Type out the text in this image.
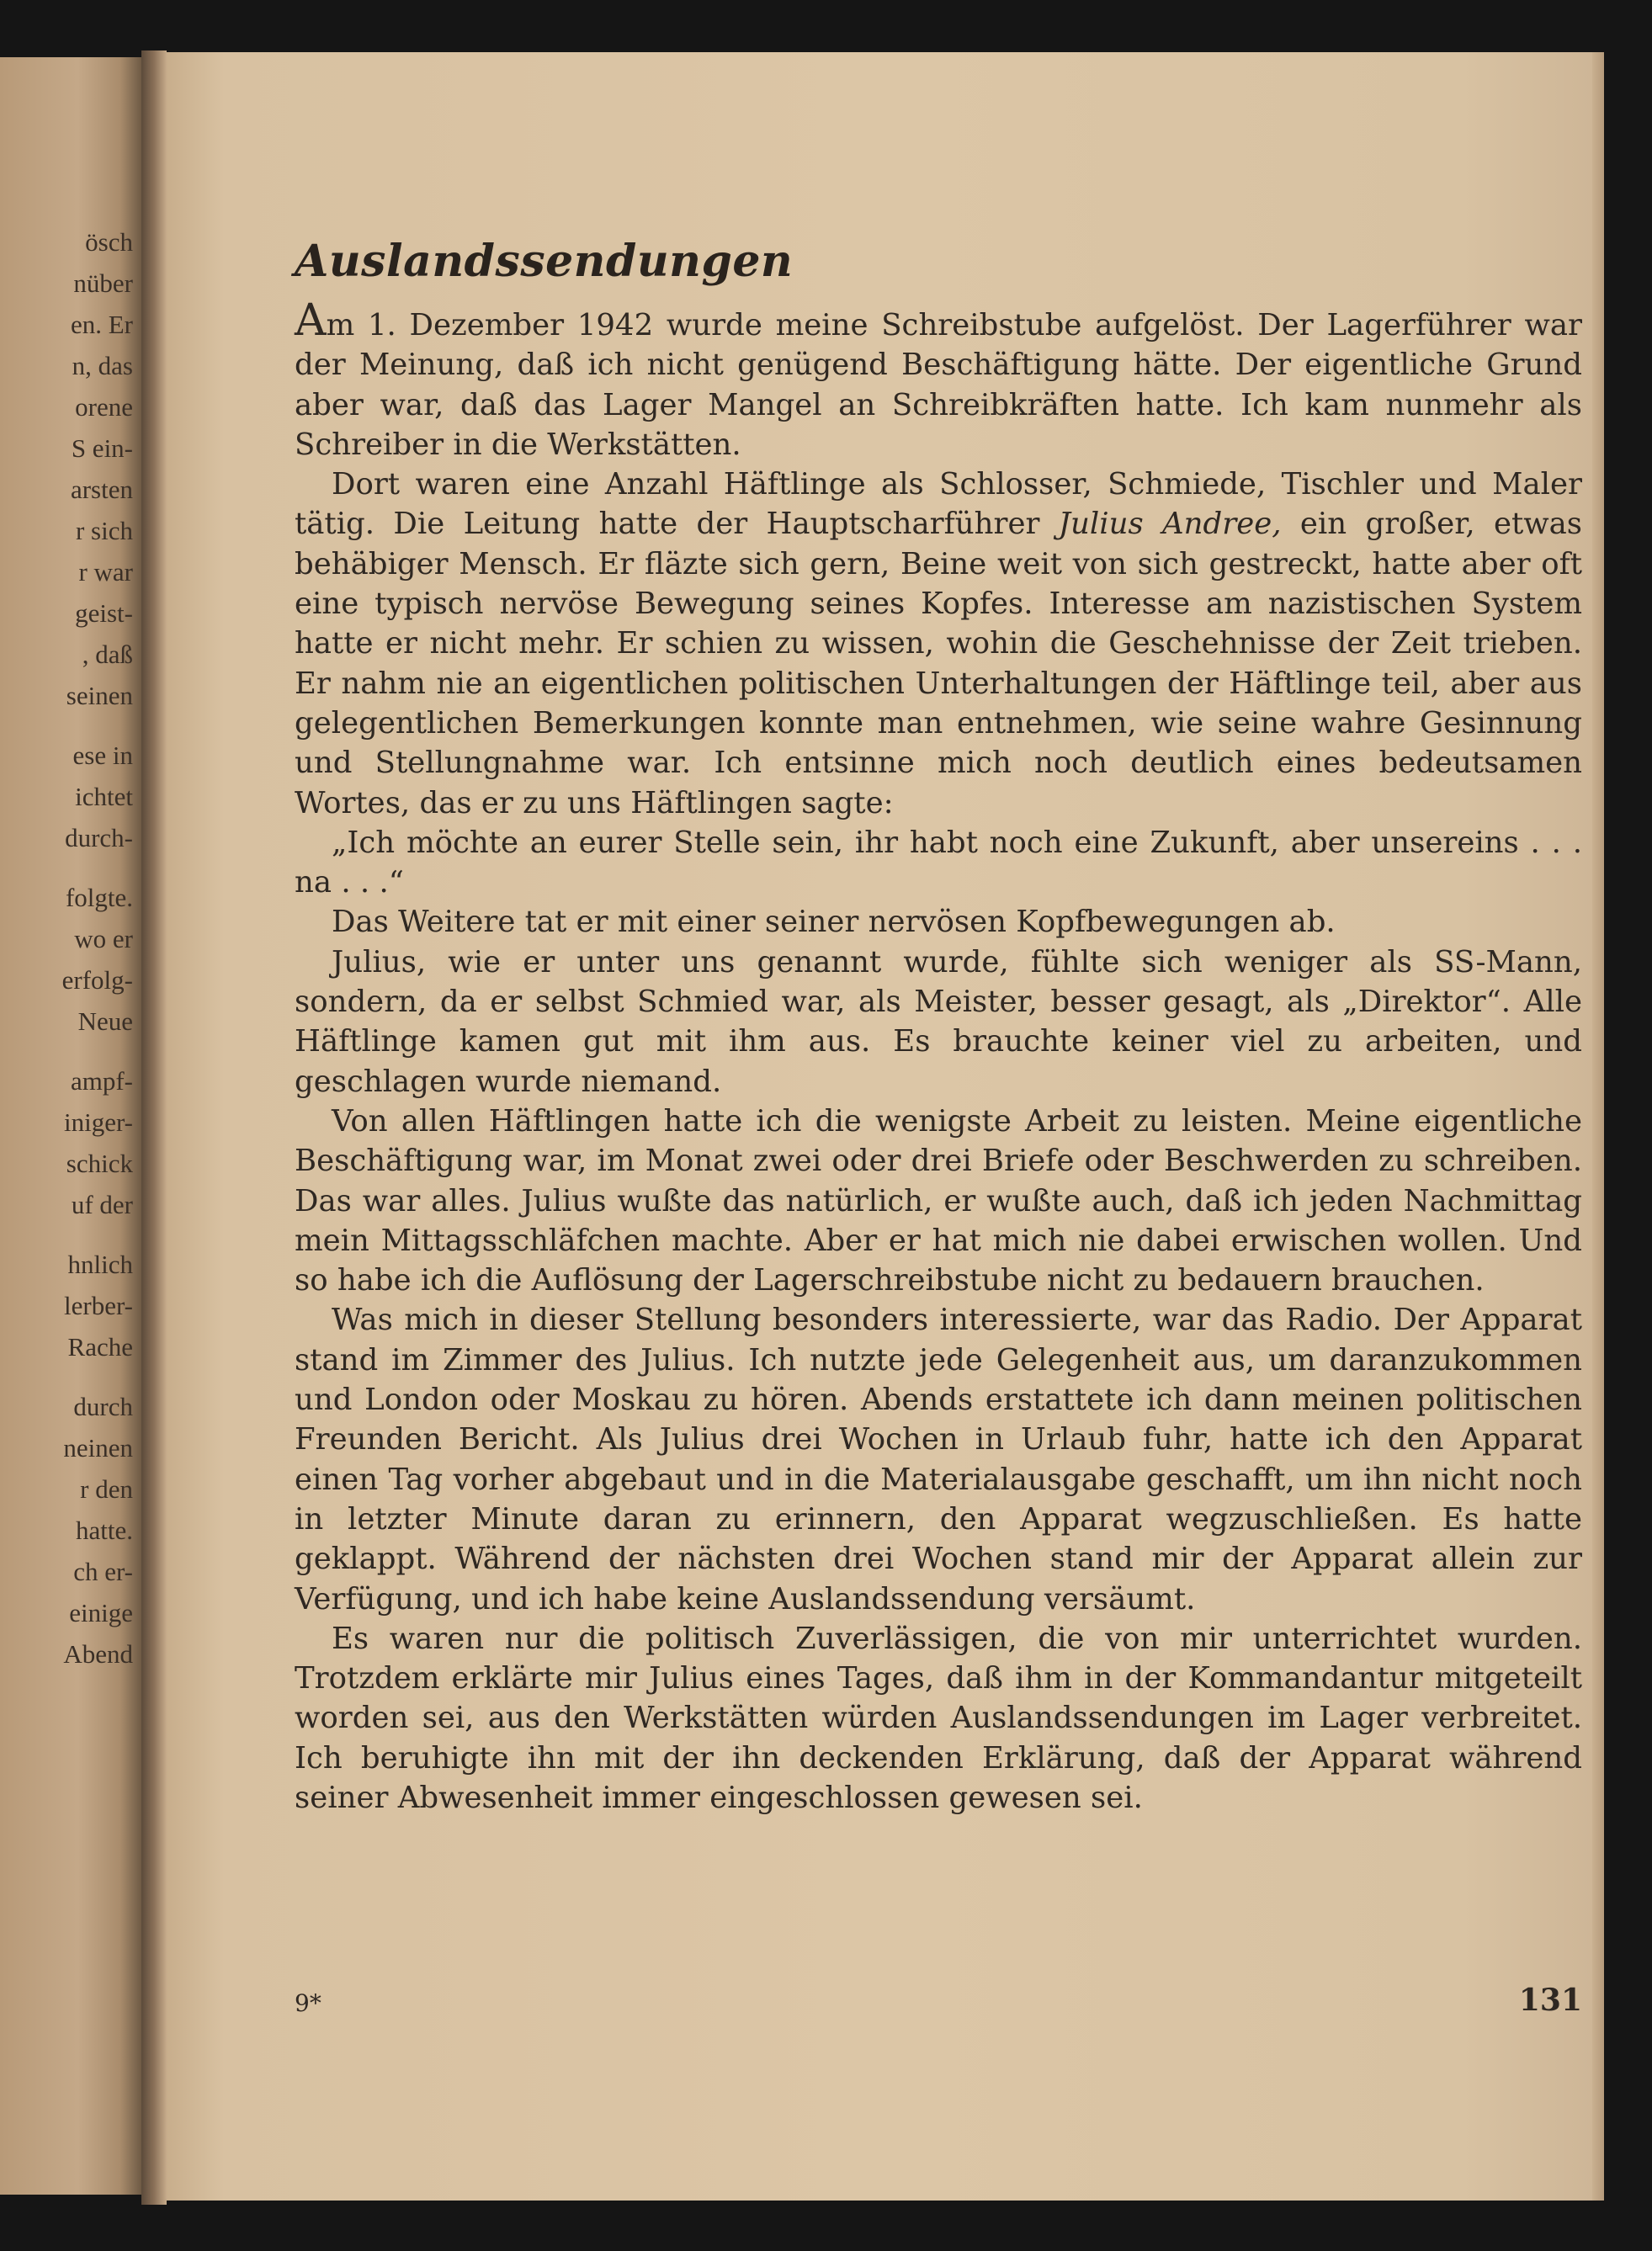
ösch
nüber
en. Er
n, das
orene
S ein-
arsten
r sich
r war
geist-
, daß
seinen
ese in
ichtet
durch-
folgte.
wo er
erfolg-
Neue
ampf-
iniger-
schick
uf der
hnlich
lerber-
Rache
durch
neinen
r den
hatte.
ch er-
einige
Abend
Auslandssendungen

Am 1. Dezember 1942 wurde meine Schreibstube aufgelöst. Der Lagerführer war der Meinung, daß ich nicht genügend Beschäftigung hätte. Der eigentliche Grund aber war, daß das Lager Mangel an Schreibkräften hatte. Ich kam nunmehr als Schreiber in die Werkstätten.

Dort waren eine Anzahl Häftlinge als Schlosser, Schmiede, Tischler und Maler tätig. Die Leitung hatte der Hauptscharführer Julius Andree, ein großer, etwas behäbiger Mensch. Er fläzte sich gern, Beine weit von sich gestreckt, hatte aber oft eine typisch nervöse Bewegung seines Kopfes. Interesse am nazistischen System hatte er nicht mehr. Er schien zu wissen, wohin die Geschehnisse der Zeit trieben. Er nahm nie an eigentlichen politischen Unterhaltungen der Häftlinge teil, aber aus gelegentlichen Bemerkungen konnte man entnehmen, wie seine wahre Gesinnung und Stellungnahme war. Ich entsinne mich noch deutlich eines bedeutsamen Wortes, das er zu uns Häftlingen sagte:

„Ich möchte an eurer Stelle sein, ihr habt noch eine Zukunft, aber unsereins . . . na . . .“

Das Weitere tat er mit einer seiner nervösen Kopfbewegungen ab.

Julius, wie er unter uns genannt wurde, fühlte sich weniger als SS-Mann, sondern, da er selbst Schmied war, als Meister, besser gesagt, als „Direktor“. Alle Häftlinge kamen gut mit ihm aus. Es brauchte keiner viel zu arbeiten, und geschlagen wurde niemand.

Von allen Häftlingen hatte ich die wenigste Arbeit zu leisten. Meine eigentliche Beschäftigung war, im Monat zwei oder drei Briefe oder Beschwerden zu schreiben. Das war alles. Julius wußte das natürlich, er wußte auch, daß ich jeden Nachmittag mein Mittagsschläfchen machte. Aber er hat mich nie dabei erwischen wollen. Und so habe ich die Auflösung der Lagerschreibstube nicht zu bedauern brauchen.

Was mich in dieser Stellung besonders interessierte, war das Radio. Der Apparat stand im Zimmer des Julius. Ich nutzte jede Gelegenheit aus, um daranzukommen und London oder Moskau zu hören. Abends erstattete ich dann meinen politischen Freunden Bericht. Als Julius drei Wochen in Urlaub fuhr, hatte ich den Apparat einen Tag vorher abgebaut und in die Materialausgabe geschafft, um ihn nicht noch in letzter Minute daran zu erinnern, den Apparat wegzuschließen. Es hatte geklappt. Während der nächsten drei Wochen stand mir der Apparat allein zur Verfügung, und ich habe keine Auslandssendung versäumt.

Es waren nur die politisch Zuverlässigen, die von mir unterrichtet wurden. Trotzdem erklärte mir Julius eines Tages, daß ihm in der Kommandantur mitgeteilt worden sei, aus den Werkstätten würden Auslandssendungen im Lager verbreitet. Ich beruhigte ihn mit der ihn deckenden Erklärung, daß der Apparat während seiner Abwesenheit immer eingeschlossen gewesen sei.

9*	131
